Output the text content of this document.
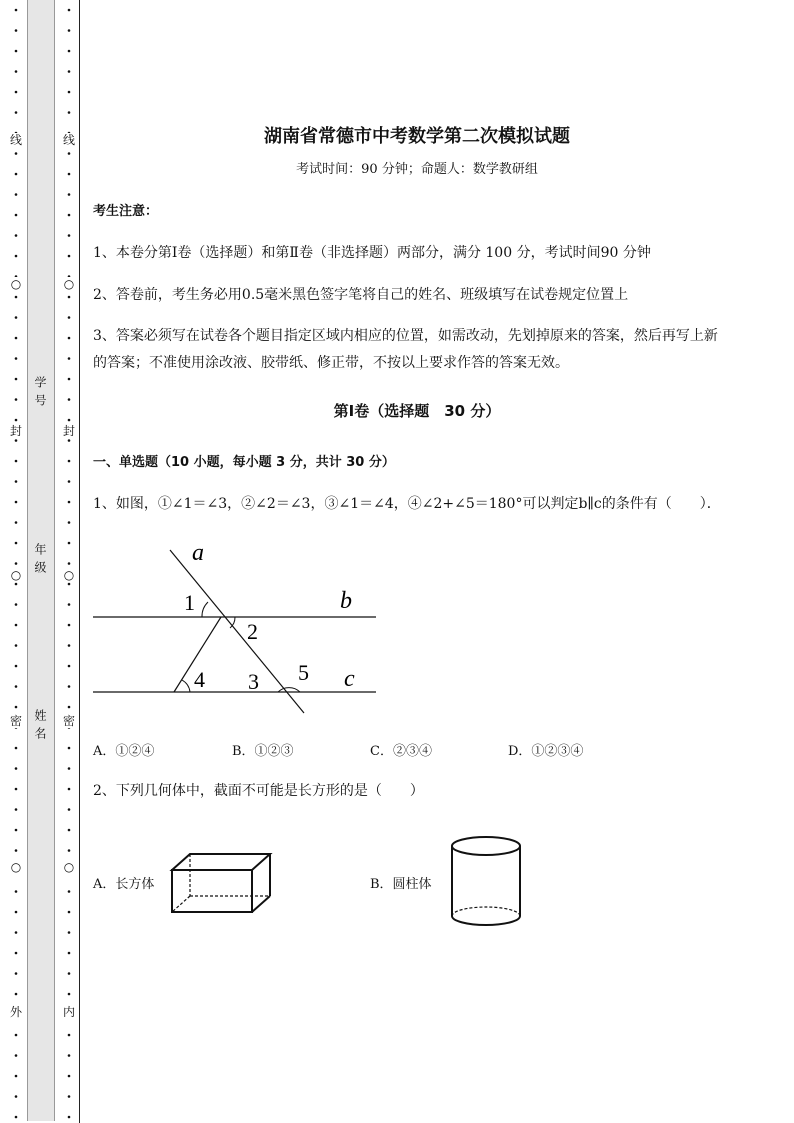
线
○
封
○
密
○
外
线
○
封
○
密
○
内
学号
年级
姓名
湖南省常德市中考数学第二次模拟试题
考试时间：90 分钟；命题人：数学教研组
考生注意：
1、本卷分第Ⅰ卷（选择题）和第Ⅱ卷（非选择题）两部分，满分 100 分，考试时间90 分钟
2、答卷前，考生务必用0.5毫米黑色签字笔将自己的姓名、班级填写在试卷规定位置上
3、答案必须写在试卷各个题目指定区域内相应的位置，如需改动，先划掉原来的答案，然后再写上新
的答案；不准使用涂改液、胶带纸、修正带，不按以上要求作答的答案无效。
第Ⅰ卷（选择题　30 分）
一、单选题（10 小题，每小题 3 分，共计 30 分）
1、如图，①∠1＝∠3，②∠2＝∠3，③∠1＝∠4，④∠2+∠5＝180°可以判定b∥c的条件有（　　）．
a
b
c
1
2
3
4	5
A．①②④	B．①②③	C．②③④	D．①②③④
2、下列几何体中，截面不可能是长方形的是（　　）
A．长方体	B．圆柱体
